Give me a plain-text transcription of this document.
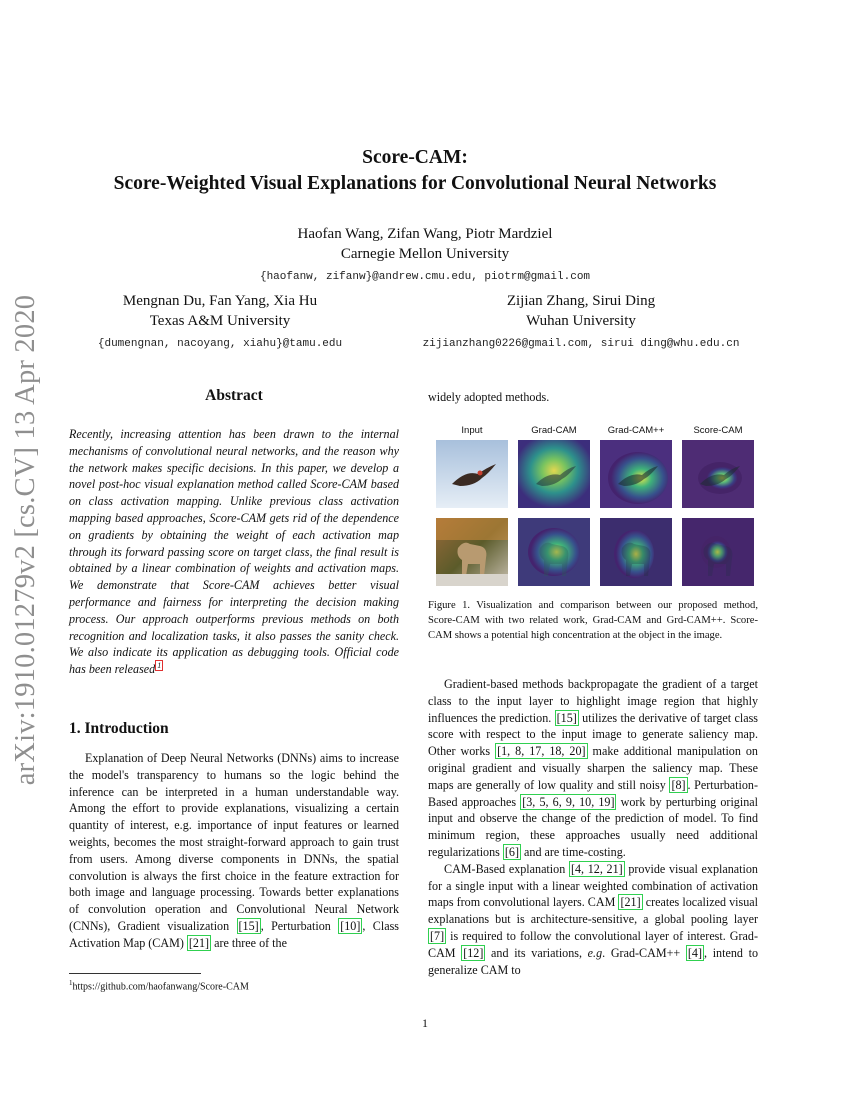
arXiv:1910.01279v2 [cs.CV] 13 Apr 2020
Score-CAM:
Score-Weighted Visual Explanations for Convolutional Neural Networks
Haofan Wang, Zifan Wang, Piotr Mardziel
Carnegie Mellon University
{haofanw, zifanw}@andrew.cmu.edu, piotrm@gmail.com
Mengnan Du, Fan Yang, Xia Hu
Texas A&M University
{dumengnan, nacoyang, xiahu}@tamu.edu
Zijian Zhang, Sirui Ding
Wuhan University
zijianzhang0226@gmail.com, sirui ding@whu.edu.cn
Abstract
Recently, increasing attention has been drawn to the internal mechanisms of convolutional neural networks, and the reason why the network makes specific decisions. In this paper, we develop a novel post-hoc visual explanation method called Score-CAM based on class activation mapping. Unlike previous class activation mapping based approaches, Score-CAM gets rid of the dependence on gradients by obtaining the weight of each activation map through its forward passing score on target class, the final result is obtained by a linear combination of weights and activation maps. We demonstrate that Score-CAM achieves better visual performance and fairness for interpreting the decision making process. Our approach outperforms previous methods on both recognition and localization tasks, it also passes the sanity check. We also indicate its application as debugging tools. Official code has been released $^1$
1. Introduction

Explanation of Deep Neural Networks (DNNs) aims to increase the model's transparency to humans so the logic behind the inference can be interpreted in a human understandable way. Among the effort to provide explanations, visualizing a certain quantity of interest, e.g. importance of input features or learned weights, becomes the most straight-forward approach to gain trust from users. Among diverse components in DNNs, the spatial convolution is always the first choice in the feature extraction for both image and language processing. Towards better explanations of convolution operation and Convolutional Neural Network (CNNs), Gradient visualization [15] , Perturbation [10] , Class Activation Map (CAM) [21] are three of the

$^1$https://github.com/haofanwang/Score-CAM
widely adopted methods.
Input	Grad-CAM	Grad-CAM++	Score-CAM
Figure 1. Visualization and comparison between our proposed method, Score-CAM with two related work, Grad-CAM and Grd-CAM++. Score-CAM shows a potential high concentration at the object in the image.

Gradient-based methods backpropagate the gradient of a target class to the input layer to highlight image region that highly influences the prediction. [15] utilizes the derivative of target class score with respect to the input image to generate saliency map. Other works [1, 8, 17, 18, 20] make additional manipulation on original gradient and visually sharpen the saliency map. These maps are generally of low quality and still noisy [8] . Perturbation-Based approaches [3, 5, 6, 9, 10, 19] work by perturbing original input and observe the change of the prediction of model. To find minimum region, these approaches usually need additional regularizations [6] and are time-costing.

CAM-Based explanation [4, 12, 21] provide visual explanation for a single input with a linear weighted combination of activation maps from convolutional layers. CAM [21] creates localized visual explanations but is architecture-sensitive, a global pooling layer [7] is required to follow the convolutional layer of interest. Grad-CAM [12] and its variations, e.g. Grad-CAM++ [4] , intend to generalize CAM to

1
